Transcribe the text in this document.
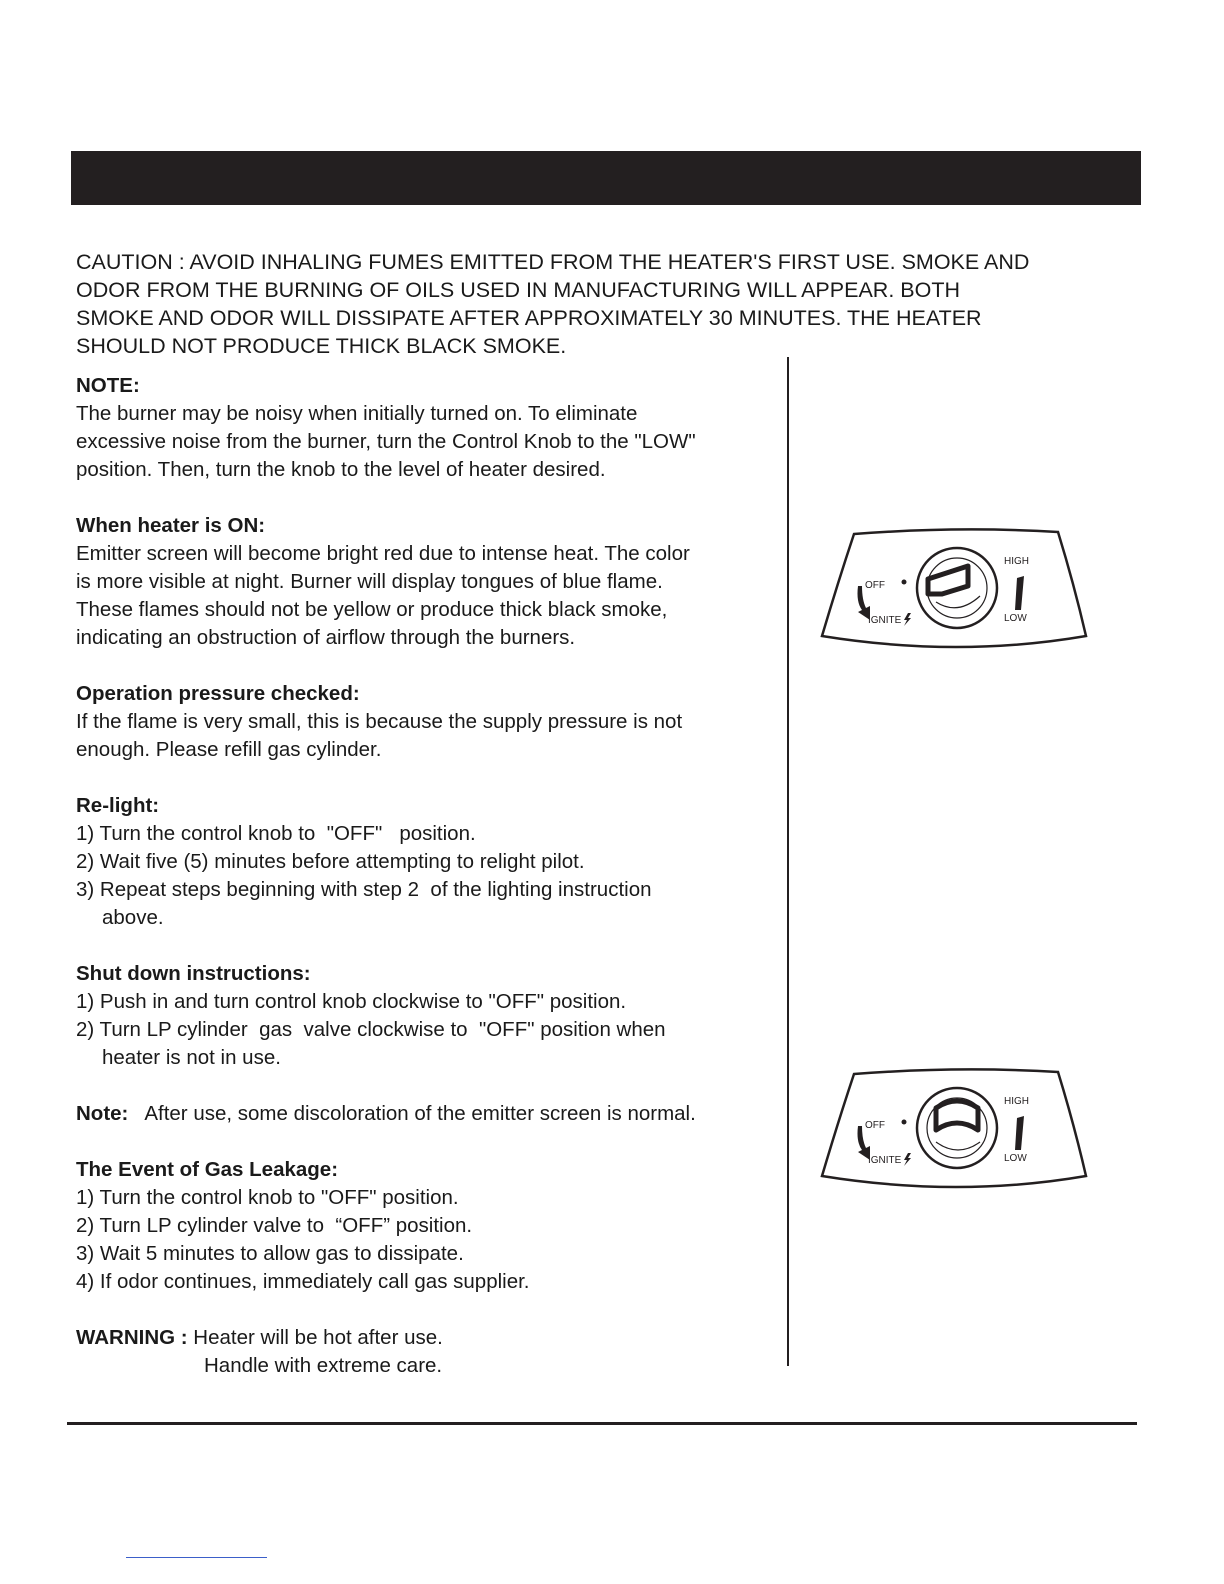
CAUTION : AVOID INHALING FUMES EMITTED FROM THE HEATER'S FIRST USE. SMOKE AND

ODOR FROM THE BURNING OF OILS USED IN MANUFACTURING WILL APPEAR. BOTH

SMOKE AND ODOR WILL DISSIPATE AFTER APPROXIMATELY 30 MINUTES. THE HEATER

SHOULD NOT PRODUCE THICK BLACK SMOKE.

NOTE:

The burner may be noisy when initially turned on. To eliminate

excessive noise from the burner, turn the Control Knob to the "LOW"

position. Then, turn the knob to the level of heater desired.

When heater is ON:

Emitter screen will become bright red due to intense heat. The color

is more visible at night. Burner will display tongues of blue flame.

These flames should not be yellow or produce thick black smoke,

indicating an obstruction of airflow through the burners.

Operation pressure checked:

If the flame is very small, this is because the supply pressure is not

enough. Please refill gas cylinder.

Re-light:

1) Turn the control knob to  "OFF"   position.

2) Wait five (5) minutes before attempting to relight pilot.

3) Repeat steps beginning with step 2  of the lighting instruction

above.

Shut down instructions:

1) Push in and turn control knob clockwise to "OFF" position.

2) Turn LP cylinder  gas  valve clockwise to  "OFF" position when

heater is not in use.

Note:   After use, some discoloration of the emitter screen is normal.

The Event of Gas Leakage:

1) Turn the control knob to "OFF" position.

2) Turn LP cylinder valve to  “OFF” position.

3) Wait 5 minutes to allow gas to dissipate.

4) If odor continues, immediately call gas supplier.

WARNING : Heater will be hot after use.

Handle with extreme care.

OFF
IGNITE
HIGH
LOW
OFF
IGNITE
HIGH
LOW
